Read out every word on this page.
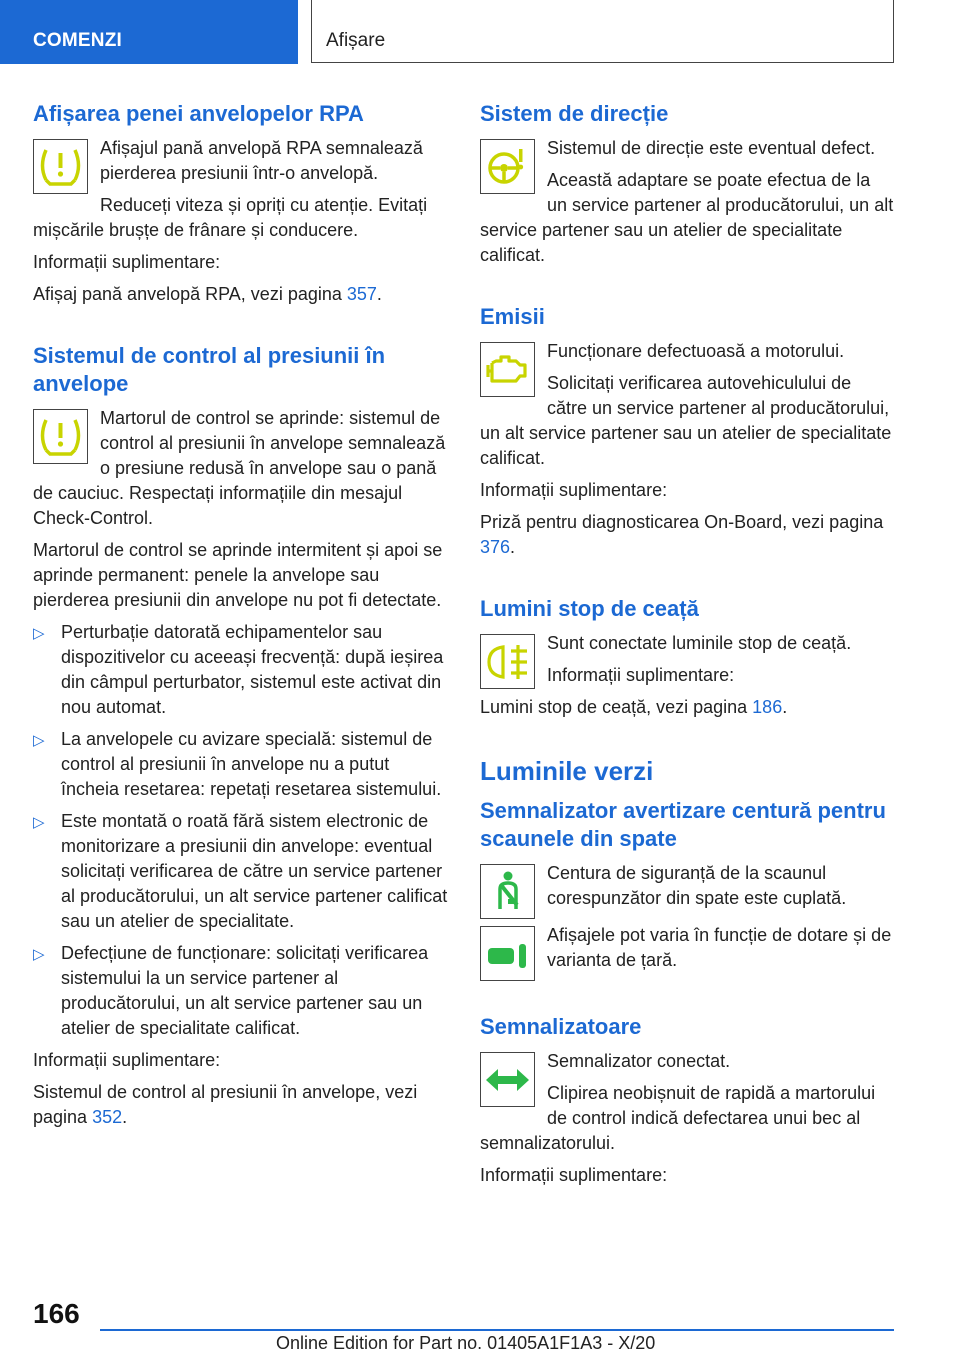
COMENZI	Afișare
Afișarea penei anvelopelor RPA
Afișajul pană anvelopă RPA semnalează pierderea presiunii într-o anvelopă.
Reduceți viteza și opriți cu atenție. Evitați mișcările brușțe de frânare și conducere.
Informații suplimentare:
Afișaj pană anvelopă RPA, vezi pagina 357.
Sistemul de control al presiunii în anvelope
Martorul de control se aprinde: sistemul de control al presiunii în anvelope semnalează o presiune redusă în anvelope sau o pană de cauciuc. Respectați informațiile din mesajul Check-Control.
Martorul de control se aprinde intermitent și apoi se aprinde permanent: penele la anvelope sau pierderea presiunii din anvelope nu pot fi detectate.
▷ Perturbație datorată echipamentelor sau dispozitivelor cu aceeași frecvență: după ieșirea din câmpul perturbator, sistemul este activat din nou automat.
▷ La anvelopele cu avizare specială: sistemul de control al presiunii în anvelope nu a putut încheia resetarea: repetați resetarea sistemului.
▷ Este montată o roată fără sistem electronic de monitorizare a presiunii din anvelope: eventual solicitați verificarea de către un service partener al producătorului, un alt service partener calificat sau un atelier de specialitate.
▷ Defecțiune de funcționare: solicitați verificarea sistemului la un service partener al producătorului, un alt service partener sau un atelier de specialitate calificat.
Informații suplimentare:
Sistemul de control al presiunii în anvelope, vezi pagina 352.
Sistem de direcție
Sistemul de direcție este eventual defect.
Această adaptare se poate efectua de la un service partener al producătorului, un alt service partener sau un atelier de specialitate calificat.
Emisii
Funcționare defectuoasă a motorului.
Solicitați verificarea autovehiculului de către un service partener al producătorului, un alt service partener sau un atelier de specialitate calificat.
Informații suplimentare:
Priză pentru diagnosticarea On-Board, vezi pagina 376.
Lumini stop de ceață
Sunt conectate luminile stop de ceață.
Informații suplimentare:
Lumini stop de ceață, vezi pagina 186.
Luminile verzi
Semnalizator avertizare centură pentru scaunele din spate
Centura de siguranță de la scaunul corespunzător din spate este cuplată.
Afișajele pot varia în funcție de dotare și de varianta de țară.
Semnalizatoare
Semnalizator conectat.
Clipirea neobișnuit de rapidă a martorului de control indică defectarea unui bec al semnalizatorului.
Informații suplimentare:
166
Online Edition for Part no. 01405A1F1A3 - X/20
